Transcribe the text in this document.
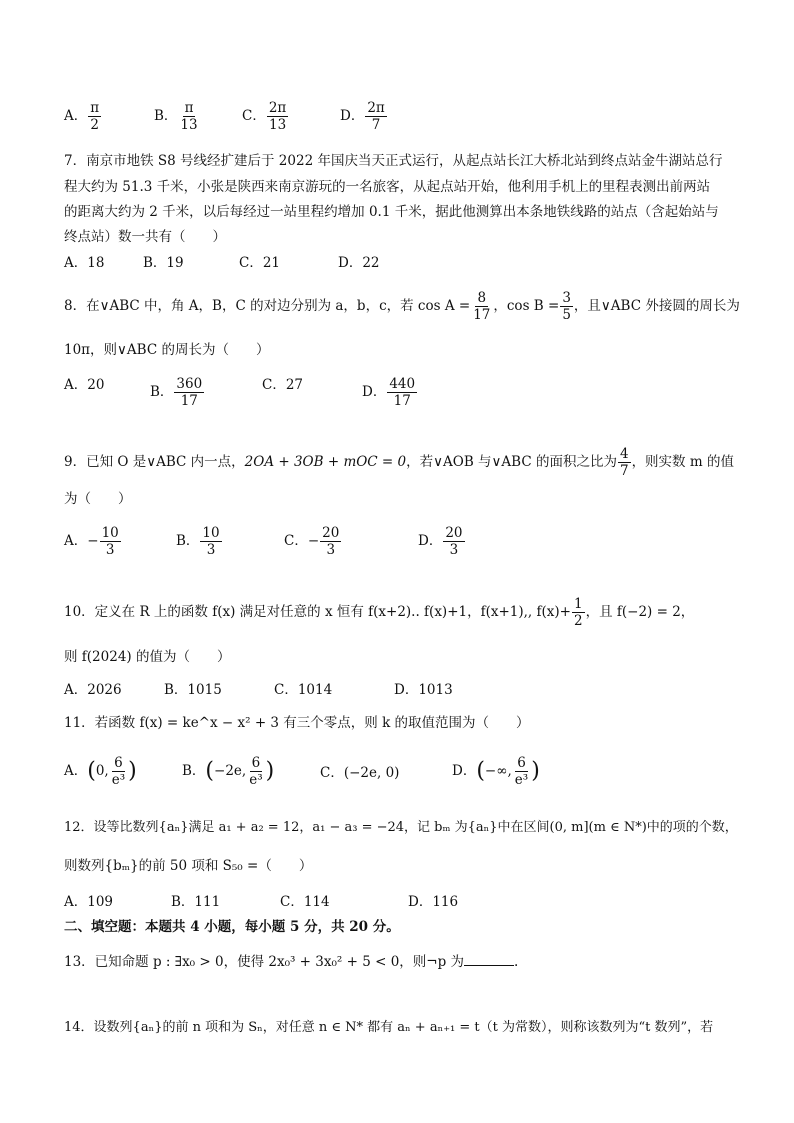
A． $\frac{\pi}{2}$	B． $\frac{\pi}{13}$	C． $\frac{2\pi}{13}$	D． $\frac{2\pi}{7}$
7．南京市地铁 S8 号线经扩建后于 2022 年国庆当天正式运行，从起点站长江大桥北站到终点站金牛湖站总行
程大约为 51.3 千米，小张是陕西来南京游玩的一名旅客，从起点站开始，他利用手机上的里程表测出前两站
的距离大约为 2 千米，以后每经过一站里程约增加 0.1 千米，据此他测算出本条地铁线路的站点（含起始站与
终点站）数一共有（　　）
A．18	B．19	C．21	D．22
8．在∨ABC 中，角 A，B，C 的对边分别为 a，b，c，若 $\cos A = \frac{8}{17}$ ，$\cos B = \frac{3}{5}$ ，且∨ABC 外接圆的周长为
10π，则∨ABC 的周长为（　　）
A．20	B． $\frac{360}{17}$	C．27	D． $\frac{440}{17}$
9．已知 O 是∨ABC 内一点，2OA + 3OB + mOC = 0，若∨AOB 与∨ABC 的面积之比为 $\frac{4}{7}$ ，则实数 m 的值
为（　　）
A．− $\frac{10}{3}$	B． $\frac{10}{3}$	C．− $\frac{20}{3}$	D． $\frac{20}{3}$
10．定义在 R 上的函数 f(x) 满足对任意的 x 恒有 f(x+2).. f(x)+1，f(x+1),, $f(x)+ \frac{1}{2}$ ，且 f(−2) = 2，
则 f(2024) 的值为（　　）
A．2026	B．1015	C．1014	D．1013
11．若函数 f(x) = ke^x − x² + 3 有三个零点，则 k 的取值范围为（　　）
A．(0, $\frac{6}{\text{e³}}$ )	B．(−2e, $\frac{6}{\text{e³}}$ )	C．(−2e, 0)	D．(−∞, $\frac{6}{\text{e³}}$ )
12．设等比数列{aₙ}满足 a₁ + a₂ = 12，a₁ − a₃ = −24，记 bₘ 为{aₙ}中在区间(0, m](m ∈ N*)中的项的个数，
则数列{bₘ}的前 50 项和 S₅₀ =（　　）
A．109	B．111	C．114	D．116
二、填空题：本题共 4 小题，每小题 5 分，共 20 分。
13．已知命题 p : ∃x₀ > 0，使得 2x₀³ + 3x₀² + 5 < 0，则¬p 为	.
14．设数列{aₙ}的前 n 项和为 Sₙ，对任意 n ∈ N* 都有 aₙ + aₙ₊₁ = t（t 为常数），则称该数列为“t 数列”，若
